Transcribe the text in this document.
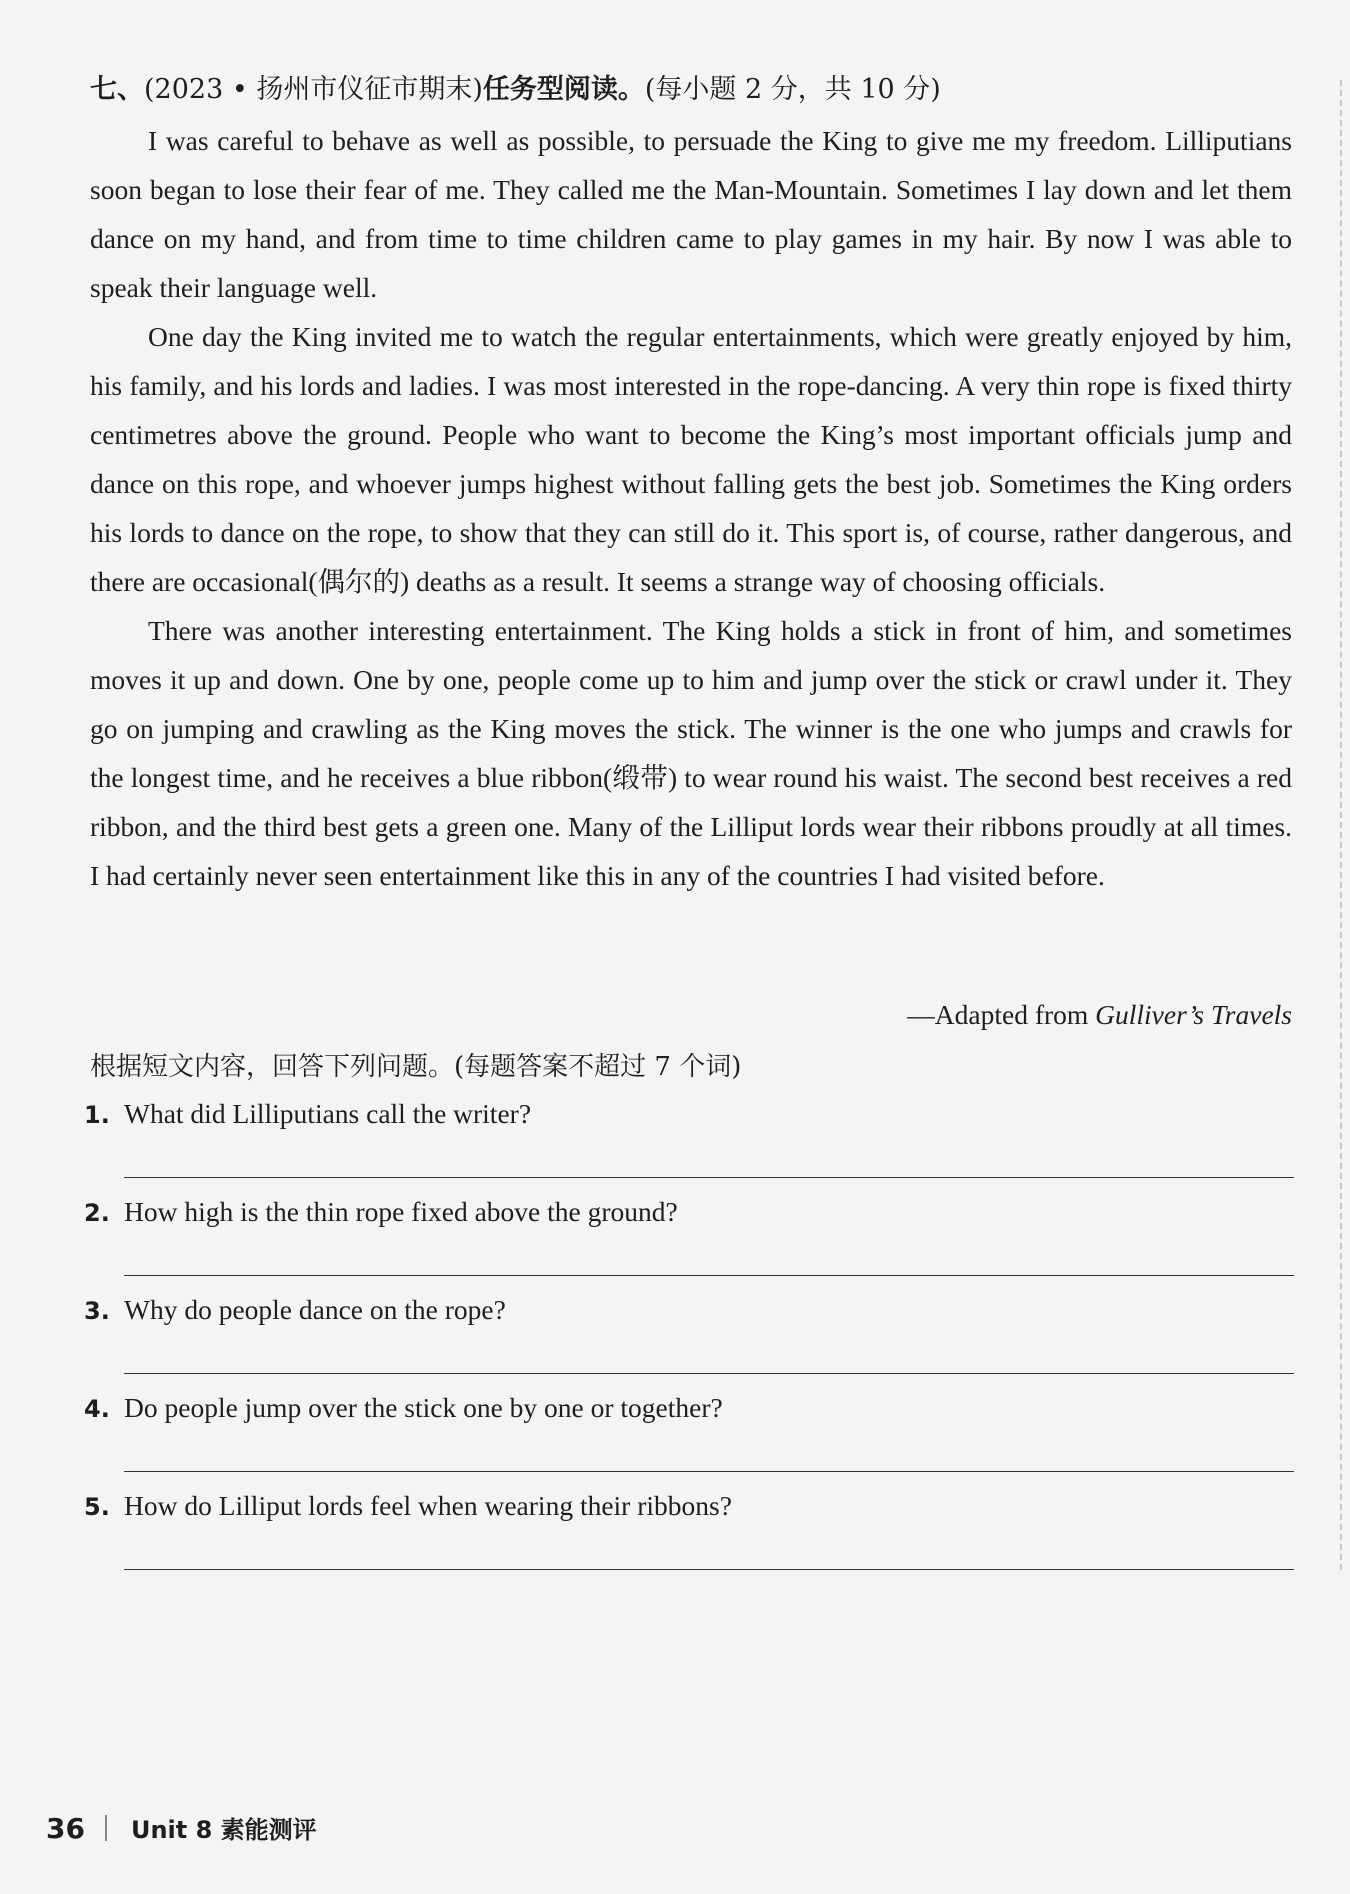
七、(2023 • 扬州市仪征市期末)任务型阅读。(每小题 2 分，共 10 分)

I was careful to behave as well as possible, to persuade the King to give me my freedom. Lilliputians soon began to lose their fear of me. They called me the Man-Mountain. Sometimes I lay down and let them dance on my hand, and from time to time children came to play games in my hair. By now I was able to speak their language well.

One day the King invited me to watch the regular entertainments, which were greatly enjoyed by him, his family, and his lords and ladies. I was most interested in the rope-dancing. A very thin rope is fixed thirty centimetres above the ground. People who want to become the King’s most important officials jump and dance on this rope, and whoever jumps highest without falling gets the best job. Sometimes the King orders his lords to dance on the rope, to show that they can still do it. This sport is, of course, rather dangerous, and there are occasional(偶尔的) deaths as a result. It seems a strange way of choosing officials.

There was another interesting entertainment. The King holds a stick in front of him, and sometimes moves it up and down. One by one, people come up to him and jump over the stick or crawl under it. They go on jumping and crawling as the King moves the stick. The winner is the one who jumps and crawls for the longest time, and he receives a blue ribbon(缎带) to wear round his waist. The second best receives a red ribbon, and the third best gets a green one. Many of the Lilliput lords wear their ribbons proudly at all times. I had certainly never seen entertainment like this in any of the countries I had visited before.

—Adapted from Gulliver’s Travels
根据短文内容，回答下列问题。(每题答案不超过 7 个词)
1. What did Lilliputians call the writer?
2. How high is the thin rope fixed above the ground?
3. Why do people dance on the rope?
4. Do people jump over the stick one by one or together?
5. How do Lilliput lords feel when wearing their ribbons?
36 Unit 8 素能测评
